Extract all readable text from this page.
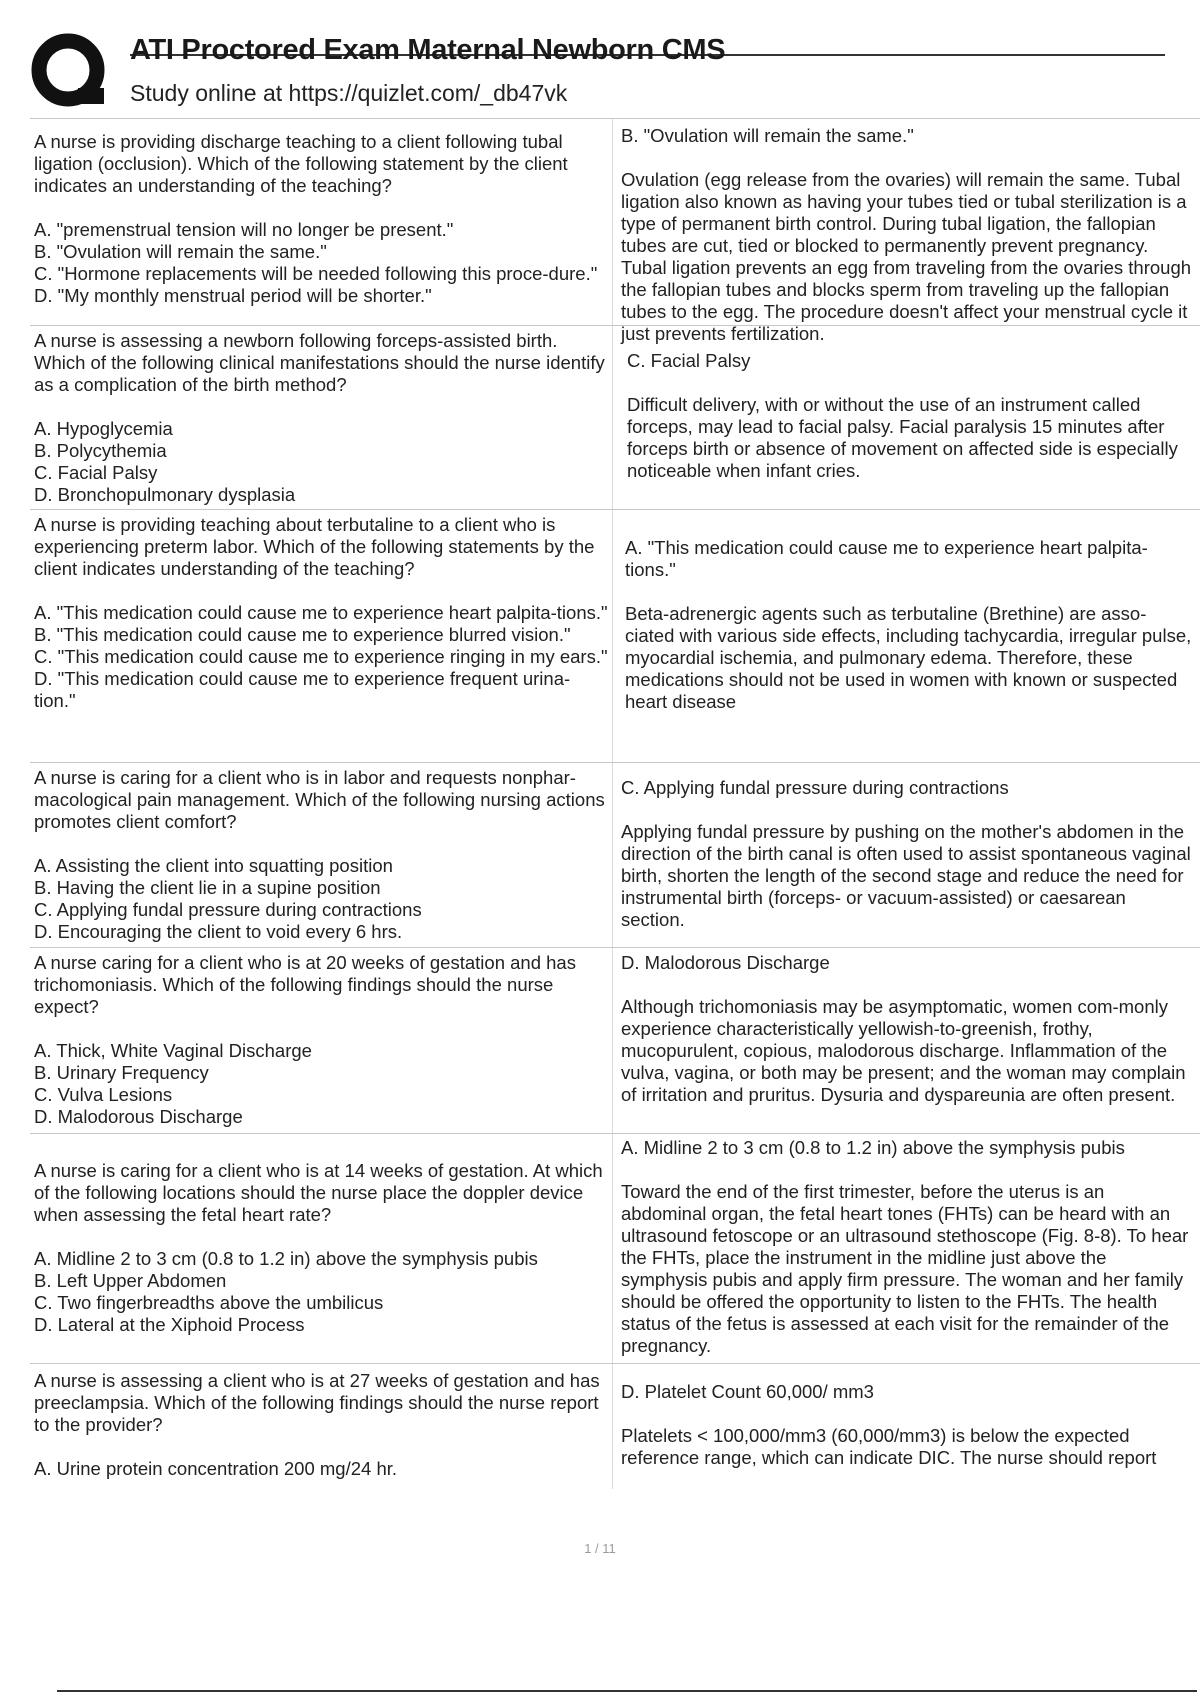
ATI Proctored Exam Maternal Newborn CMS
Study online at https://quizlet.com/_db47vk

A nurse is providing discharge teaching to a client following tubal ligation (occlusion). Which of the following statement by the client indicates an understanding of the teaching?

A. "premenstrual tension will no longer be present."

B. "Ovulation will remain the same."

C. "Hormone replacements will be needed following this proce-dure."

D. "My monthly menstrual period will be shorter."

B. "Ovulation will remain the same."

Ovulation (egg release from the ovaries) will remain the same. Tubal ligation also known as having your tubes tied or tubal sterilization is a type of permanent birth control. During tubal ligation, the fallopian tubes are cut, tied or blocked to permanently prevent pregnancy. Tubal ligation prevents an egg from traveling from the ovaries through the fallopian tubes and blocks sperm from traveling up the fallopian tubes to the egg. The procedure doesn't affect your menstrual cycle it just prevents fertilization.

A nurse is assessing a newborn following forceps-assisted birth. Which of the following clinical manifestations should the nurse identify as a complication of the birth method?

A. Hypoglycemia

B. Polycythemia

C. Facial Palsy

D. Bronchopulmonary dysplasia

C. Facial Palsy

Difficult delivery, with or without the use of an instrument called forceps, may lead to facial palsy. Facial paralysis 15 minutes after forceps birth or absence of movement on affected side is especially noticeable when infant cries.

A nurse is providing teaching about terbutaline to a client who is experiencing preterm labor. Which of the following statements by the client indicates understanding of the teaching?

A. "This medication could cause me to experience heart palpita-tions."

B. "This medication could cause me to experience blurred vision."

C. "This medication could cause me to experience ringing in my ears."

D. "This medication could cause me to experience frequent urina-tion."

A. "This medication could cause me to experience heart palpita-tions."

Beta-adrenergic agents such as terbutaline (Brethine) are asso-ciated with various side effects, including tachycardia, irregular pulse, myocardial ischemia, and pulmonary edema. Therefore, these medications should not be used in women with known or suspected heart disease

A nurse is caring for a client who is in labor and requests nonphar-macological pain management. Which of the following nursing actions promotes client comfort?

A. Assisting the client into squatting position

B. Having the client lie in a supine position

C. Applying fundal pressure during contractions

D. Encouraging the client to void every 6 hrs.

C. Applying fundal pressure during contractions

Applying fundal pressure by pushing on the mother's abdomen in the direction of the birth canal is often used to assist spontaneous vaginal birth, shorten the length of the second stage and reduce the need for instrumental birth (forceps- or vacuum-assisted) or caesarean section.

A nurse caring for a client who is at 20 weeks of gestation and has trichomoniasis. Which of the following findings should the nurse expect?

A. Thick, White Vaginal Discharge

B. Urinary Frequency

C. Vulva Lesions

D. Malodorous Discharge

D. Malodorous Discharge

Although trichomoniasis may be asymptomatic, women com-monly experience characteristically yellowish-to-greenish, frothy, mucopurulent, copious, malodorous discharge. Inflammation of the vulva, vagina, or both may be present; and the woman may complain of irritation and pruritus. Dysuria and dyspareunia are often present.

A nurse is caring for a client who is at 14 weeks of gestation. At which of the following locations should the nurse place the doppler device when assessing the fetal heart rate?

A. Midline 2 to 3 cm (0.8 to 1.2 in) above the symphysis pubis

B. Left Upper Abdomen

C. Two fingerbreadths above the umbilicus

D. Lateral at the Xiphoid Process

A. Midline 2 to 3 cm (0.8 to 1.2 in) above the symphysis pubis

Toward the end of the first trimester, before the uterus is an abdominal organ, the fetal heart tones (FHTs) can be heard with an ultrasound fetoscope or an ultrasound stethoscope (Fig. 8-8). To hear the FHTs, place the instrument in the midline just above the symphysis pubis and apply firm pressure. The woman and her family should be offered the opportunity to listen to the FHTs. The health status of the fetus is assessed at each visit for the remainder of the pregnancy.

A nurse is assessing a client who is at 27 weeks of gestation and has preeclampsia. Which of the following findings should the nurse report to the provider?

A. Urine protein concentration 200 mg/24 hr.

D. Platelet Count 60,000/ mm3

Platelets < 100,000/mm3 (60,000/mm3) is below the expected reference range, which can indicate DIC. The nurse should report

1 / 11
